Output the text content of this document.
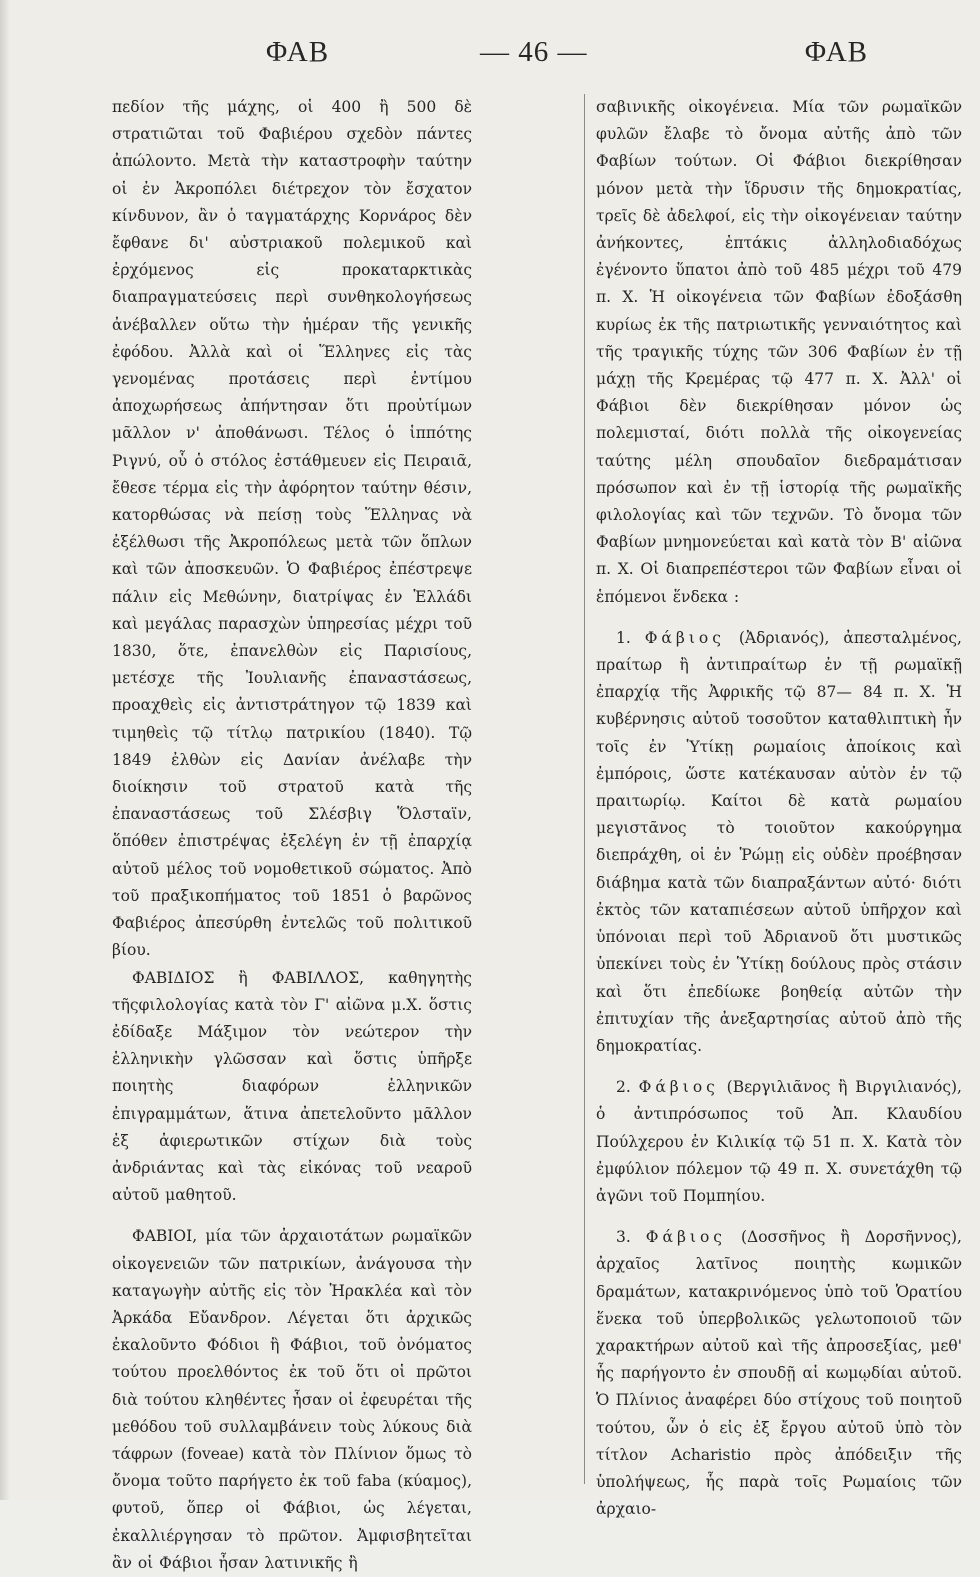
ΦΑΒ	— 46 —	ΦΑΒ

πεδίον τῆς μάχης, οἱ 400 ἢ 500 δὲ στρατιῶται τοῦ Φαβιέρου σχεδὸν πάντες ἀπώλοντο. Μετὰ τὴν καταστροφὴν ταύτην οἱ ἐν Ἀκροπόλει διέτρεχον τὸν ἔσχατον κίνδυνον, ἂν ὁ ταγματάρχης Κορνάρος δὲν ἔφθανε δι' αὐστριακοῦ πολεμικοῦ καὶ ἐρχόμενος εἰς προκαταρκτικὰς διαπραγματεύσεις περὶ συνθηκολογήσεως ἀνέβαλλεν οὕτω τὴν ἡμέραν τῆς γενικῆς ἐφόδου. Ἀλλὰ καὶ οἱ Ἕλληνες εἰς τὰς γενομένας προτάσεις περὶ ἐντίμου ἀποχωρήσεως ἀπήντησαν ὅτι προὐτίμων μᾶλλον ν' ἀποθάνωσι. Τέλος ὁ ἱππότης Ριγνύ, οὗ ὁ στόλος ἐστάθμευεν εἰς Πειραιᾶ, ἔθεσε τέρμα εἰς τὴν ἀφόρητον ταύτην θέσιν, κατορθώσας νὰ πείσῃ τοὺς Ἕλληνας νὰ ἐξέλθωσι τῆς Ἀκροπόλεως μετὰ τῶν ὅπλων καὶ τῶν ἀποσκευῶν. Ὁ Φαβιέρος ἐπέστρεψε πάλιν εἰς Μεθώνην, διατρίψας ἐν Ἑλλάδι καὶ μεγάλας παρασχὼν ὑπηρεσίας μέχρι τοῦ 1830, ὅτε, ἐπανελθὼν εἰς Παρισίους, μετέσχε τῆς Ἰουλιανῆς ἐπαναστάσεως, προαχθεὶς εἰς ἀντιστράτηγον τῷ 1839 καὶ τιμηθεὶς τῷ τίτλῳ πατρικίου (1840). Τῷ 1849 ἐλθὼν εἰς Δανίαν ἀνέλαβε τὴν διοίκησιν τοῦ στρατοῦ κατὰ τῆς ἐπαναστάσεως τοῦ Σλέσβιγ Ὅλσταϊν, ὅπόθεν ἐπιστρέψας ἐξελέγη ἐν τῇ ἐπαρχίᾳ αὐτοῦ μέλος τοῦ νομοθετικοῦ σώματος. Ἀπὸ τοῦ πραξικοπήματος τοῦ 1851 ὁ βαρῶνος Φαβιέρος ἀπεσύρθη ἐντελῶς τοῦ πολιτικοῦ βίου.

ΦΑΒΙΔΙΟΣ ἢ ΦΑΒΙΛΛΟΣ, καθηγητὴς τῆςφιλολογίας κατὰ τὸν Γ' αἰῶνα μ.Χ. ὅστις ἐδίδαξε Μάξιμον τὸν νεώτερον τὴν ἑλληνικὴν γλῶσσαν καὶ ὅστις ὑπῆρξε ποιητὴς διαφόρων ἑλληνικῶν ἐπιγραμμάτων, ἅτινα ἀπετελοῦντο μᾶλλον ἐξ ἀφιερωτικῶν στίχων διὰ τοὺς ἀνδριάντας καὶ τὰς εἰκόνας τοῦ νεαροῦ αὐτοῦ μαθητοῦ.

ΦΑΒΙΟΙ, μία τῶν ἀρχαιοτάτων ρωμαϊκῶν οἰκογενειῶν τῶν πατρικίων, ἀνάγουσα τὴν καταγωγὴν αὐτῆς εἰς τὸν Ἡρακλέα καὶ τὸν Ἀρκάδα Εὔανδρον. Λέγεται ὅτι ἀρχικῶς ἐκαλοῦντο Φόδιοι ἢ Φάβιοι, τοῦ ὀνόματος τούτου προελθόντος ἐκ τοῦ ὅτι οἱ πρῶτοι διὰ τούτου κληθέντες ἦσαν οἱ ἐφευρέται τῆς μεθόδου τοῦ συλλαμβάνειν τοὺς λύκους διὰ τάφρων (foveae) κατὰ τὸν Πλίνιον ὅμως τὸ ὄνομα τοῦτο παρήγετο ἐκ τοῦ faba (κύαμος), φυτοῦ, ὅπερ οἱ Φάβιοι, ὡς λέγεται, ἐκαλλιέργησαν τὸ πρῶτον. Ἀμφισβητεῖται ἂν οἱ Φάβιοι ἦσαν λατινικῆς ἢ

σαβινικῆς οἰκογένεια. Μία τῶν ρωμαϊκῶν φυλῶν ἔλαβε τὸ ὄνομα αὐτῆς ἀπὸ τῶν Φαβίων τούτων. Οἱ Φάβιοι διεκρίθησαν μόνον μετὰ τὴν ἵδρυσιν τῆς δημοκρατίας, τρεῖς δὲ ἀδελφοί, εἰς τὴν οἰκογένειαν ταύτην ἀνήκοντες, ἑπτάκις ἀλληλοδιαδόχως ἐγένοντο ὕπατοι ἀπὸ τοῦ 485 μέχρι τοῦ 479 π. Χ. Ἡ οἰκογένεια τῶν Φαβίων ἐδοξάσθη κυρίως ἐκ τῆς πατριωτικῆς γενναιότητος καὶ τῆς τραγικῆς τύχης τῶν 306 Φαβίων ἐν τῇ μάχῃ τῆς Κρεμέρας τῷ 477 π. Χ. Ἀλλ' οἱ Φάβιοι δὲν διεκρίθησαν μόνον ὡς πολεμισταί, διότι πολλὰ τῆς οἰκογενείας ταύτης μέλη σπουδαῖον διεδραμάτισαν πρόσωπον καὶ ἐν τῇ ἱστορίᾳ τῆς ρωμαϊκῆς φιλολογίας καὶ τῶν τεχνῶν. Τὸ ὄνομα τῶν Φαβίων μνημονεύεται καὶ κατὰ τὸν Β' αἰῶνα π. Χ. Οἱ διαπρεπέστεροι τῶν Φαβίων εἶναι οἱ ἑπόμενοι ἕνδεκα :

1. Φάβιος (Ἀδριανός), ἀπεσταλμένος, πραίτωρ ἢ ἀντιπραίτωρ ἐν τῇ ρωμαϊκῇ ἐπαρχίᾳ τῆς Ἀφρικῆς τῷ 87— 84 π. Χ. Ἡ κυβέρνησις αὐτοῦ τοσοῦτον καταθλιπτικὴ ἦν τοῖς ἐν Ὑτίκῃ ρωμαίοις ἀποίκοις καὶ ἐμπόροις, ὥστε κατέκαυσαν αὐτὸν ἐν τῷ πραιτωρίῳ. Καίτοι δὲ κατὰ ρωμαίου μεγιστᾶνος τὸ τοιοῦτον κακούργημα διεπράχθη, οἱ ἐν Ῥώμῃ εἰς οὐδὲν προέβησαν διάβημα κατὰ τῶν διαπραξάντων αὐτό· διότι ἐκτὸς τῶν καταπιέσεων αὐτοῦ ὑπῆρχον καὶ ὑπόνοιαι περὶ τοῦ Ἀδριανοῦ ὅτι μυστικῶς ὑπεκίνει τοὺς ἐν Ὑτίκῃ δούλους πρὸς στάσιν καὶ ὅτι ἐπεδίωκε βοηθείᾳ αὐτῶν τὴν ἐπιτυχίαν τῆς ἀνεξαρτησίας αὐτοῦ ἀπὸ τῆς δημοκρατίας.

2. Φάβιος (Βεργιλιᾶνος ἢ Βιργιλιανός), ὁ ἀντιπρόσωπος τοῦ Ἀπ. Κλαυδίου Πούλχερου ἐν Κιλικίᾳ τῷ 51 π. Χ. Κατὰ τὸν ἐμφύλιον πόλεμον τῷ 49 π. Χ. συνετάχθη τῷ ἀγῶνι τοῦ Πομπηίου.

3. Φάβιος (Δοσσῆνος ἢ Δορσῆννος), ἀρχαῖος λατῖνος ποιητὴς κωμικῶν δραμάτων, κατακρινόμενος ὑπὸ τοῦ Ὁρατίου ἕνεκα τοῦ ὑπερβολικῶς γελωτοποιοῦ τῶν χαρακτήρων αὐτοῦ καὶ τῆς ἀπροσεξίας, μεθ' ἧς παρήγοντο ἐν σπουδῇ αἱ κωμῳδίαι αὐτοῦ. Ὁ Πλίνιος ἀναφέρει δύο στίχους τοῦ ποιητοῦ τούτου, ὧν ὁ εἰς ἐξ ἔργου αὐτοῦ ὑπὸ τὸν τίτλον Acharistio πρὸς ἀπόδειξιν τῆς ὑπολήψεως, ἧς παρὰ τοῖς Ρωμαίοις τῶν ἀρχαιο-
